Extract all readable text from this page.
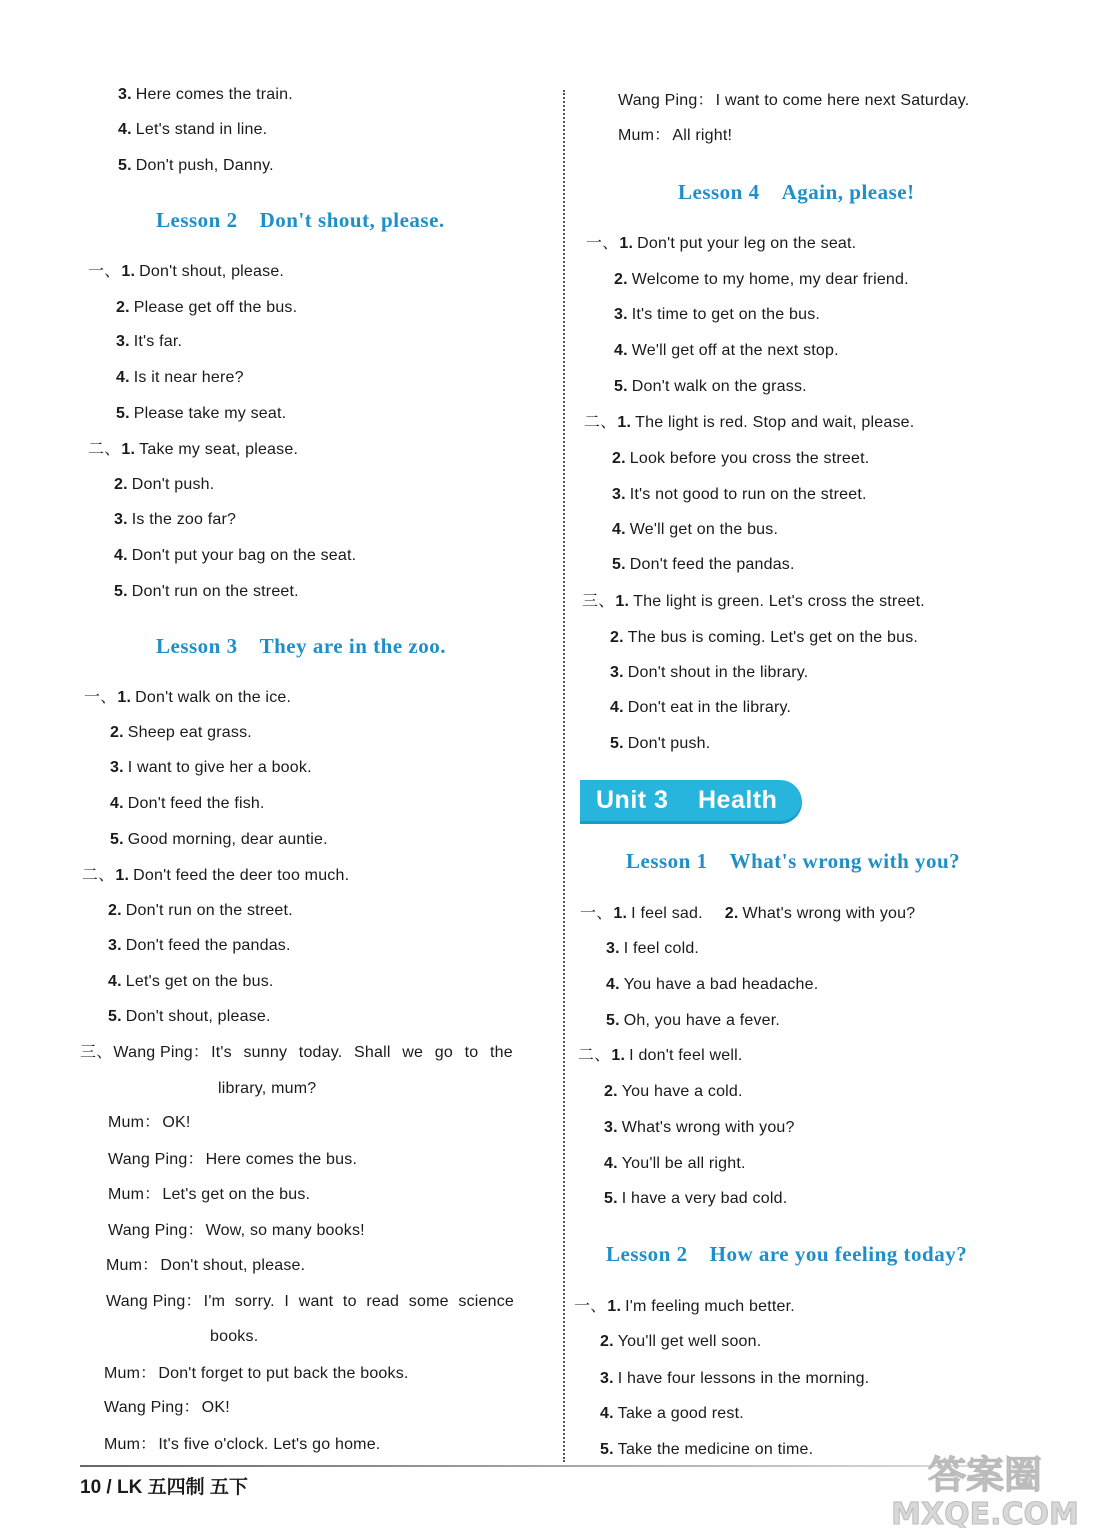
3. Here comes the train.
4. Let's stand in line.
5. Don't push, Danny.
Lesson 2 Don't shout, please.
一、1. Don't shout, please.
2. Please get off the bus.
3. It's far.
4. Is it near here?
5. Please take my seat.
二、1. Take my seat, please.
2. Don't push.
3. Is the zoo far?
4. Don't put your bag on the seat.
5. Don't run on the street.
Lesson 3 They are in the zoo.
一、1. Don't walk on the ice.
2. Sheep eat grass.
3. I want to give her a book.
4. Don't feed the fish.
5. Good morning, dear auntie.
二、1. Don't feed the deer too much.
2. Don't run on the street.
3. Don't feed the pandas.
4. Let's get on the bus.
5. Don't shout, please.
三、Wang Ping： It's sunny today. Shall we go to the
library, mum?
Mum： OK!
Wang Ping： Here comes the bus.
Mum： Let's get on the bus.
Wang Ping： Wow, so many books!
Mum： Don't shout, please.
Wang Ping： I'm sorry. I want to read some science
books.
Mum： Don't forget to put back the books.
Wang Ping： OK!
Mum： It's five o'clock. Let's go home.
Wang Ping： I want to come here next Saturday.
Mum： All right!
Lesson 4 Again, please!
一、1. Don't put your leg on the seat.
2. Welcome to my home, my dear friend.
3. It's time to get on the bus.
4. We'll get off at the next stop.
5. Don't walk on the grass.
二、1. The light is red. Stop and wait, please.
2. Look before you cross the street.
3. It's not good to run on the street.
4. We'll get on the bus.
5. Don't feed the pandas.
三、1. The light is green. Let's cross the street.
2. The bus is coming. Let's get on the bus.
3. Don't shout in the library.
4. Don't eat in the library.
5. Don't push.
Unit 3 Health
Lesson 1 What's wrong with you?
一、1. I feel sad. 2. What's wrong with you?
3. I feel cold.
4. You have a bad headache.
5. Oh, you have a fever.
二、1. I don't feel well.
2. You have a cold.
3. What's wrong with you?
4. You'll be all right.
5. I have a very bad cold.
Lesson 2 How are you feeling today?
一、1. I'm feeling much better.
2. You'll get well soon.
3. I have four lessons in the morning.
4. Take a good rest.
5. Take the medicine on time.
10 / LK 五四制 五下	答案圈
MXQE.COM
